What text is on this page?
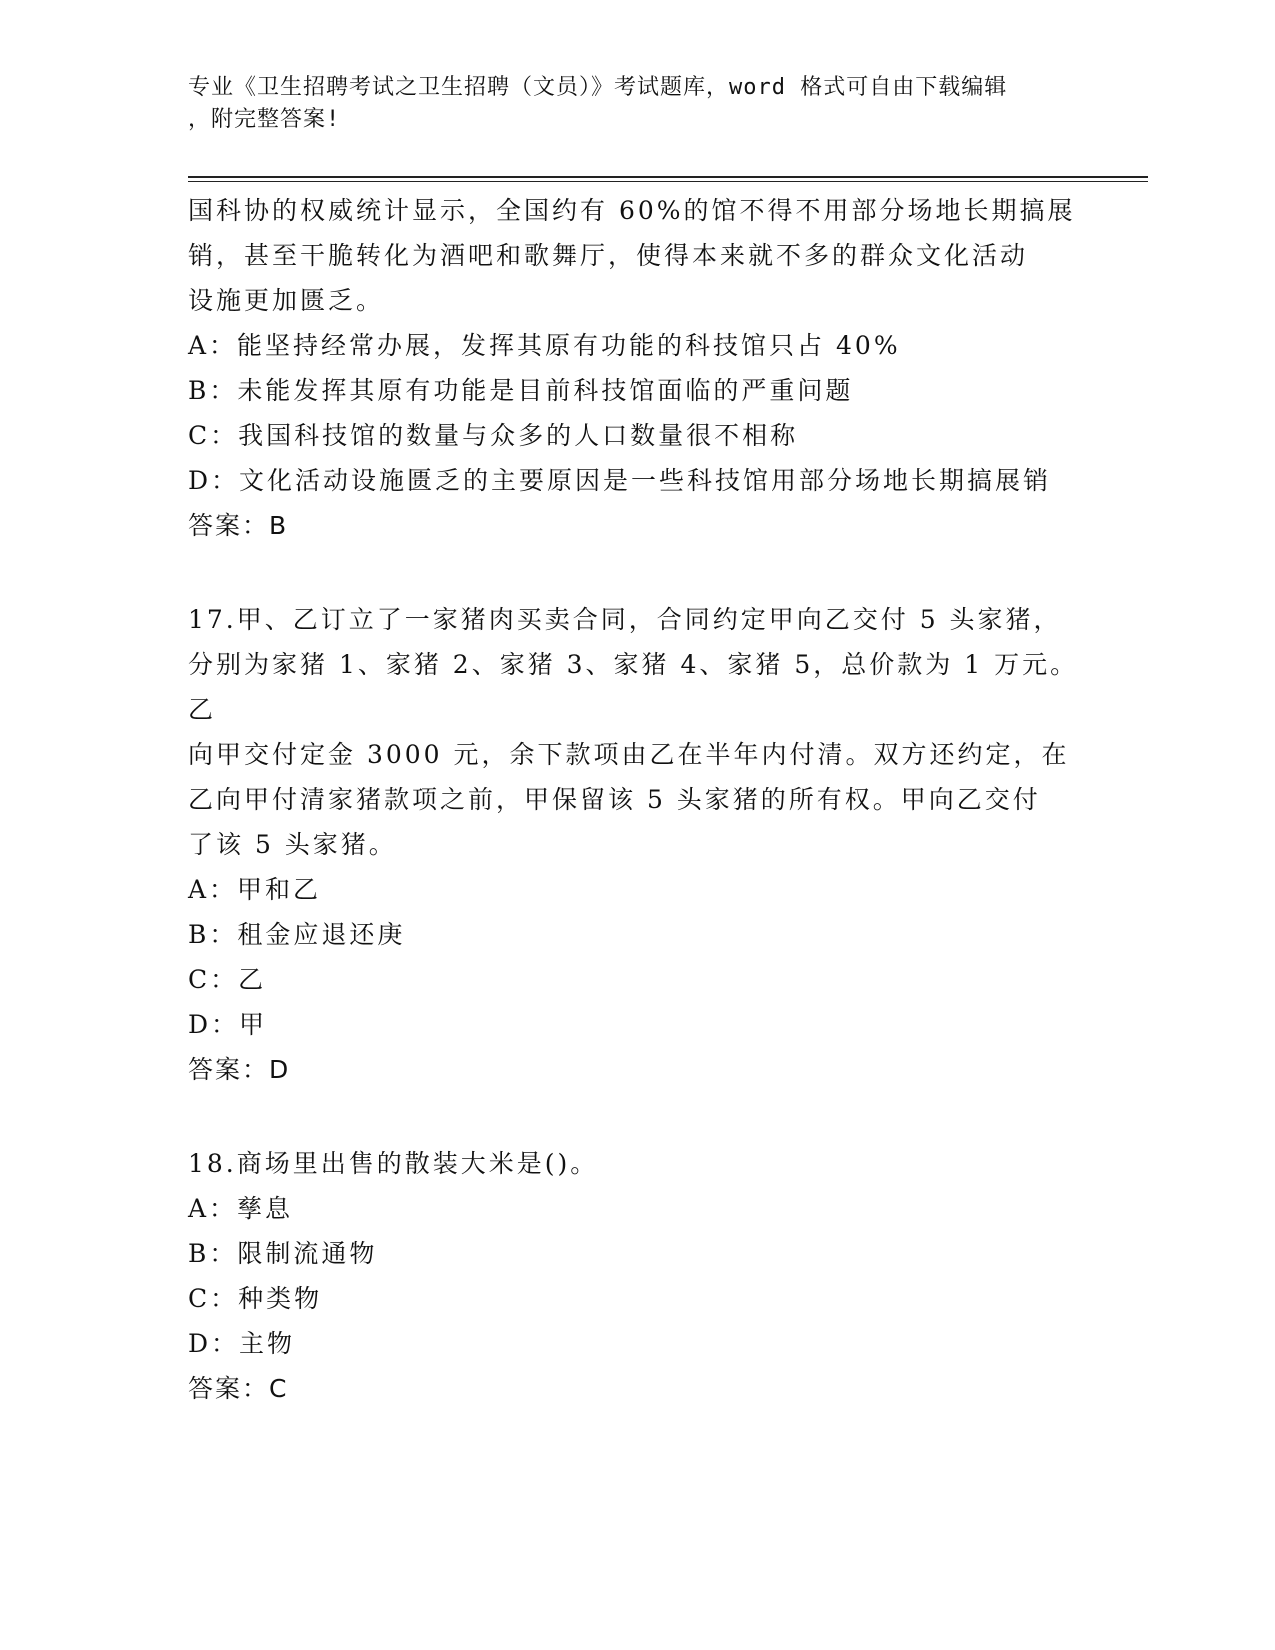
专业《卫生招聘考试之卫生招聘（文员）》考试题库，word 格式可自由下载编辑
，附完整答案!

国科协的权威统计显示，全国约有 60%的馆不得不用部分场地长期搞展

销，甚至干脆转化为酒吧和歌舞厅，使得本来就不多的群众文化活动

设施更加匮乏。

A：能坚持经常办展，发挥其原有功能的科技馆只占 40%

B：未能发挥其原有功能是目前科技馆面临的严重问题

C：我国科技馆的数量与众多的人口数量很不相称

D：文化活动设施匮乏的主要原因是一些科技馆用部分场地长期搞展销

答案：B

17.甲、乙订立了一家猪肉买卖合同，合同约定甲向乙交付 5 头家猪，

分别为家猪 1、家猪 2、家猪 3、家猪 4、家猪 5，总价款为 1 万元。乙

向甲交付定金 3000 元，余下款项由乙在半年内付清。双方还约定，在

乙向甲付清家猪款项之前，甲保留该 5 头家猪的所有权。甲向乙交付

了该 5 头家猪。

A：甲和乙

B：租金应退还庚

C：乙

D：甲

答案：D

18.商场里出售的散装大米是()。

A：孳息

B：限制流通物

C：种类物

D：主物

答案：C
